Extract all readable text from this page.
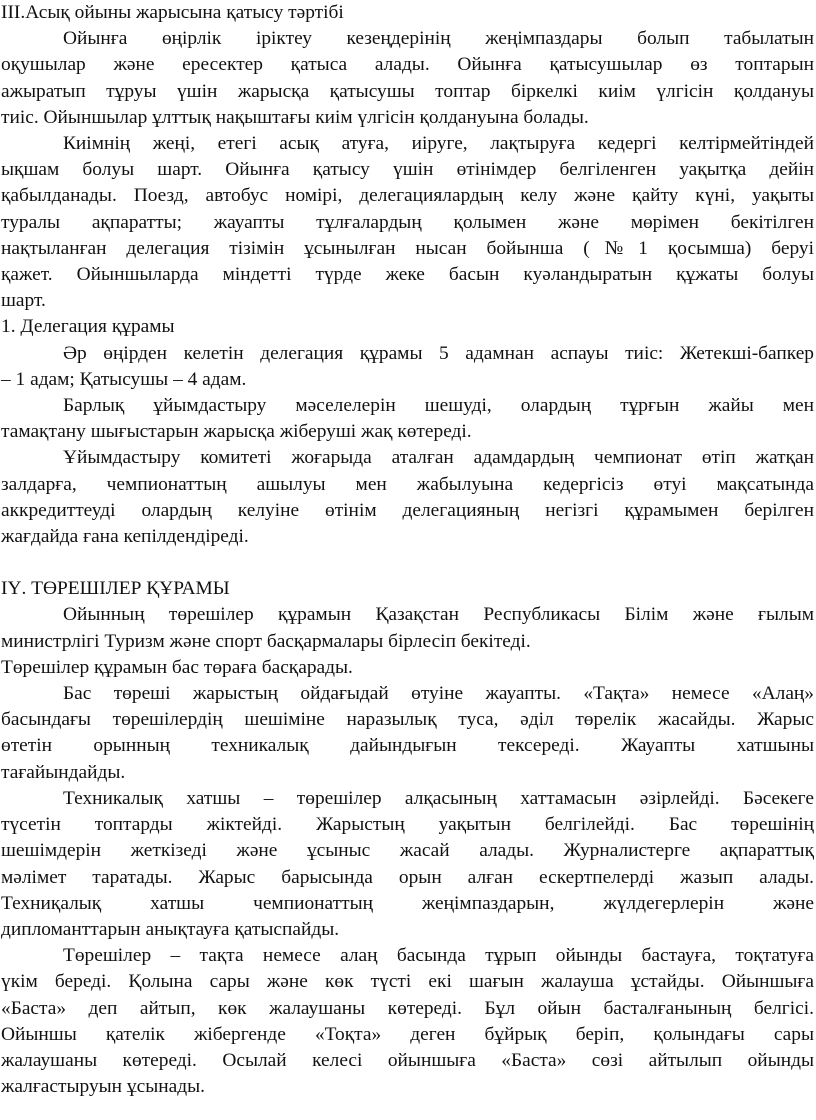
ІІІ.Асық ойыны жарысына қатысу тәртібі

Ойынға өңірлік іріктеу кезеңдерінің жеңімпаздары болып табылатын

оқушылар және ересектер қатыса алады. Ойынға қатысушылар өз топтарын

ажыратып тұруы үшін жарысқа қатысушы топтар біркелкі киім үлгісін қолдануы

тиіс. Ойыншылар ұлттық нақыштағы киім үлгісін қолдануына болады.

Киімнің жеңі, етегі асық атуға, иіруге, лақтыруға кедергі келтірмейтіндей

ықшам болуы шарт. Ойынға қатысу үшін өтінімдер белгіленген уақытқа дейін

қабылданады. Поезд, автобус номірі, делегациялардың келу және қайту күні, уақыты

туралы ақпаратты; жауапты тұлғалардың қолымен және мөрімен бекітілген

нақтыланған делегация тізімін ұсынылған нысан бойынша (№1 қосымша) беруі

қажет. Ойыншыларда міндетті түрде жеке басын куәландыратын құжаты болуы

шарт.

1. Делегация құрамы

Әр өңірден келетін делегация құрамы 5 адамнан аспауы тиіс: Жетекші-бапкер

– 1 адам; Қатысушы – 4 адам.

Барлық ұйымдастыру мәселелерін шешуді, олардың тұрғын жайы мен

тамақтану шығыстарын жарысқа жіберуші жақ көтереді.

Ұйымдастыру комитеті жоғарыда аталған адамдардың чемпионат өтіп жатқан

залдарға, чемпионаттың ашылуы мен жабылуына кедергісіз өтуі мақсатында

аккредиттеуді олардың келуіне өтінім делегацияның негізгі құрамымен берілген

жағдайда ғана кепілдендіреді.

ІҮ. ТӨРЕШІЛЕР ҚҰРАМЫ

Ойынның төрешілер құрамын Қазақстан Республикасы Білім және ғылым

министрлігі Туризм және спорт басқармалары бірлесіп бекітеді.

Төрешілер құрамын бас төраға басқарады.

Бас төреші жарыстың ойдағыдай өтуіне жауапты. «Тақта» немесе «Алаң»

басындағы төрешілердің шешіміне наразылық туса, әділ төрелік жасайды. Жарыс

өтетін орынның техникалық дайындығын тексереді. Жауапты хатшыны

тағайындайды.

Техникалық хатшы – төрешілер алқасының хаттамасын әзірлейді. Бәсекеге

түсетін топтарды жіктейді. Жарыстың уақытын белгілейді. Бас төрешінің

шешімдерін жеткізеді және ұсыныс жасай алады. Журналистерге ақпараттық

мәлімет таратады. Жарыс барысында орын алған ескертпелерді жазып алады.

Техниқалық хатшы чемпионаттың жеңімпаздарын, жүлдегерлерін және

дипломанттарын анықтауға қатыспайды.

Төрешілер – тақта немесе алаң басында тұрып ойынды бастауға, тоқтатуға

үкім береді. Қолына сары және көк түсті екі шағын жалауша ұстайды. Ойыншыға

«Баста» деп айтып, көк жалаушаны көтереді. Бұл ойын басталғанының белгісі.

Ойыншы қателік жібергенде «Тоқта» деген бұйрық беріп, қолындағы сары

жалаушаны көтереді. Осылай келесі ойыншыға «Баста» сөзі айтылып ойынды

жалғастыруын ұсынады.
